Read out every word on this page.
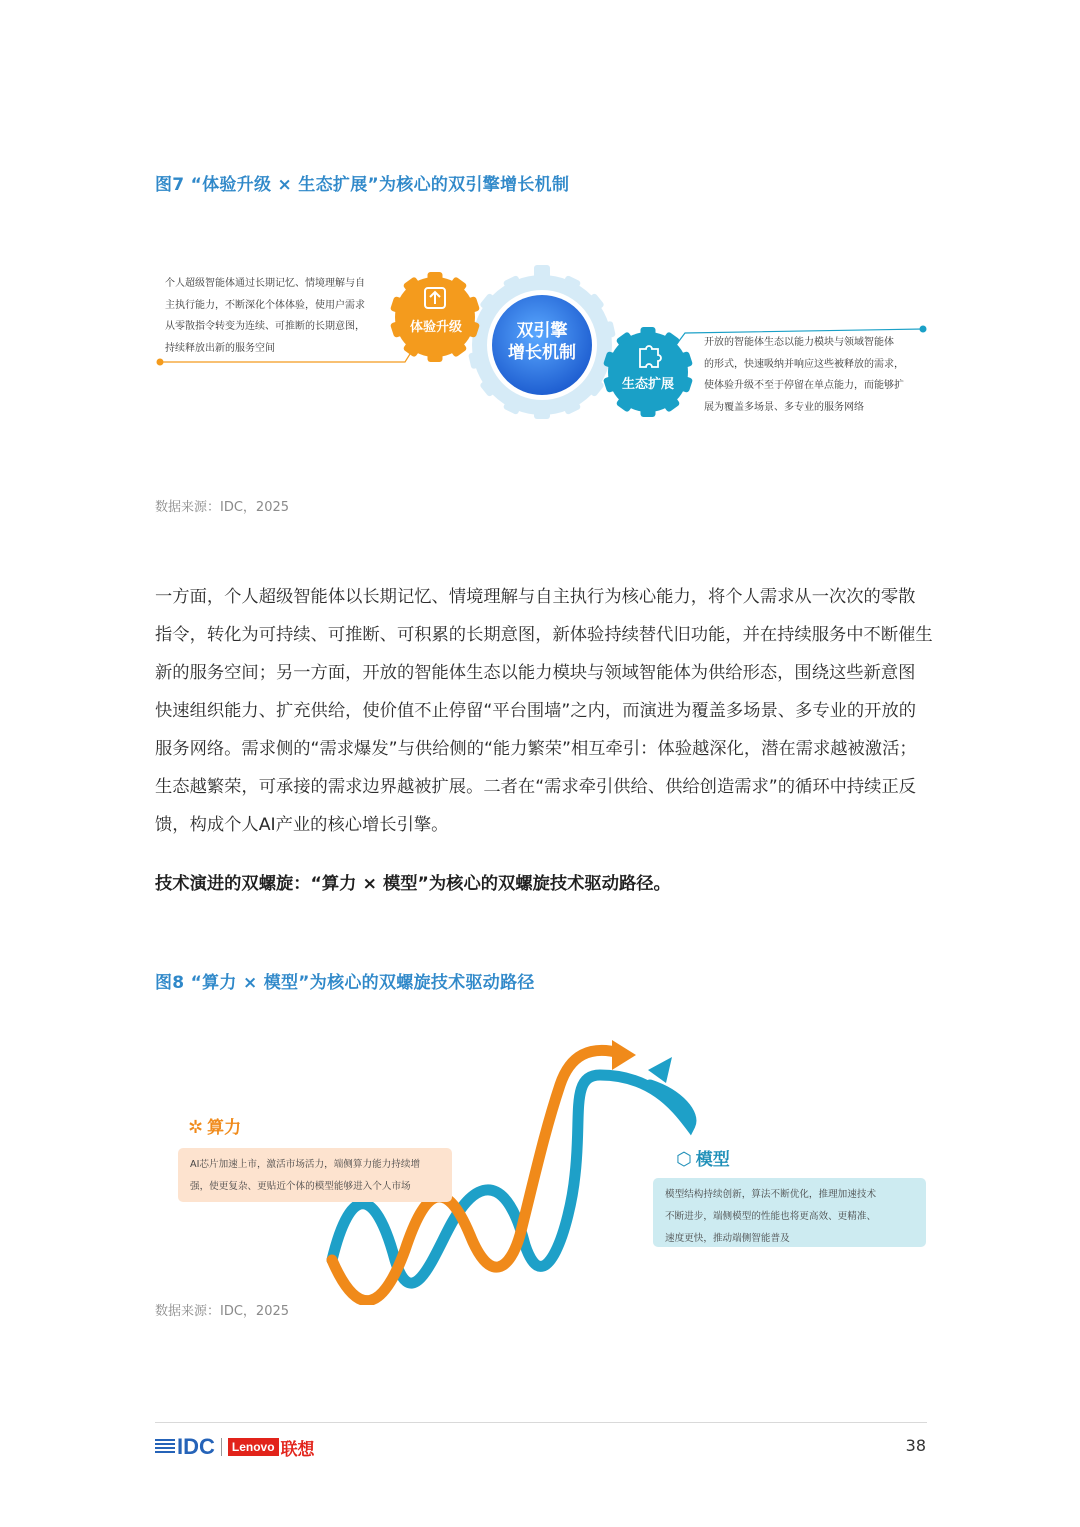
图7 “体验升级 × 生态扩展”为核心的双引擎增长机制
个人超级智能体通过长期记忆、情境理解与自
主执行能力，不断深化个体体验，使用户需求
从零散指令转变为连续、可推断的长期意图，
持续释放出新的服务空间	开放的智能体生态以能力模块与领域智能体
的形式，快速吸纳并响应这些被释放的需求，
使体验升级不至于停留在单点能力，而能够扩
展为覆盖多场景、多专业的服务网络
体验升级	双引擎
增长机制
生态扩展
数据来源：IDC，2025
一方面，个人超级智能体以长期记忆、情境理解与自主执行为核心能力，将个人需求从一次次的零散
指令，转化为可持续、可推断、可积累的长期意图，新体验持续替代旧功能，并在持续服务中不断催生
新的服务空间；另一方面，开放的智能体生态以能力模块与领域智能体为供给形态，围绕这些新意图
快速组织能力、扩充供给，使价值不止停留“平台围墙”之内，而演进为覆盖多场景、多专业的开放的
服务网络。需求侧的“需求爆发”与供给侧的“能力繁荣”相互牵引：体验越深化，潜在需求越被激活；
生态越繁荣，可承接的需求边界越被扩展。二者在“需求牵引供给、供给创造需求”的循环中持续正反
馈，构成个人AI产业的核心增长引擎。
技术演进的双螺旋：“算力 × 模型”为核心的双螺旋技术驱动路径。
图8 “算力 × 模型”为核心的双螺旋技术驱动路径
✲ 算力
AI芯片加速上市，激活市场活力，端侧算力能力持续增
强，使更复杂、更贴近个体的模型能够进入个人市场
⬡ 模型
模型结构持续创新，算法不断优化，推理加速技术
不断进步，端侧模型的性能也将更高效、更精准、
速度更快，推动端侧智能普及
数据来源：IDC，2025
IDC	Lenovo 联想	38
